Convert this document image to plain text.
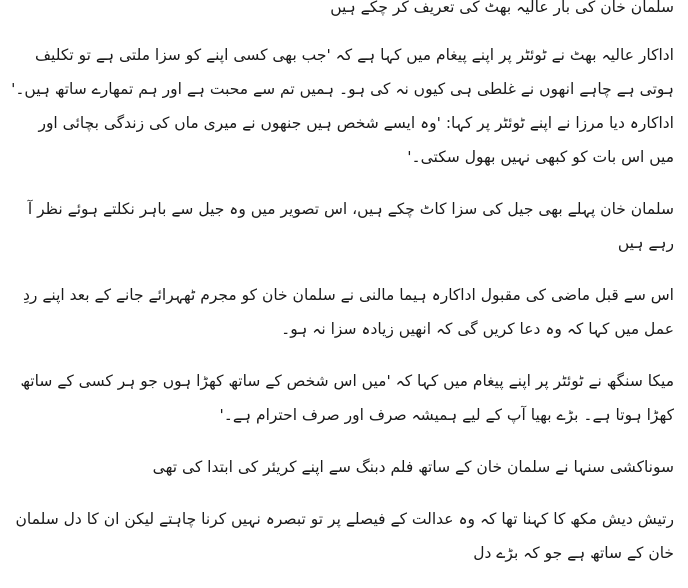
سلمان خان کی بار عالیہ بھٹ کی تعریف کر چکے ہیں

اداکار عالیہ بھٹ نے ٹوئٹر پر اپنے پیغام میں کہا ہے کہ 'جب بھی کسی اپنے کو سزا ملتی ہے تو تکلیف ہوتی ہے چاہے انھوں نے غلطی ہی کیوں نہ کی ہو۔ ہمیں تم سے محبت ہے اور ہم تمھارے ساتھ ہیں۔' اداکارہ دیا مرزا نے اپنے ٹوئٹر پر کہا: 'وہ ایسے شخص ہیں جنھوں نے میری ماں کی زندگی بچائی اور میں اس بات کو کبھی نہیں بھول سکتی۔'

سلمان خان پہلے بھی جیل کی سزا کاٹ چکے ہیں، اس تصویر میں وہ جیل سے باہر نکلتے ہوئے نظر آ رہے ہیں

اس سے قبل ماضی کی مقبول اداکارہ ہیما مالنی نے سلمان خان کو مجرم ٹھہرائے جانے کے بعد اپنے ردِ عمل میں کہا کہ وہ دعا کریں گی کہ انھیں زیادہ سزا نہ ہو۔

میکا سنگھ نے ٹوئٹر پر اپنے پیغام میں کہا کہ 'میں اس شخص کے ساتھ کھڑا ہوں جو ہر کسی کے ساتھ کھڑا ہوتا ہے۔ بڑے بھیا آپ کے لیے ہمیشہ صرف اور صرف احترام ہے۔'

سوناکشی سنہا نے سلمان خان کے ساتھ فلم دبنگ سے اپنے کریئر کی ابتدا کی تھی

رتیش دیش مکھ کا کہنا تھا کہ وہ عدالت کے فیصلے پر تو تبصرہ نہیں کرنا چاہتے لیکن ان کا دل سلمان خان کے ساتھ ہے جو کہ بڑے دل
